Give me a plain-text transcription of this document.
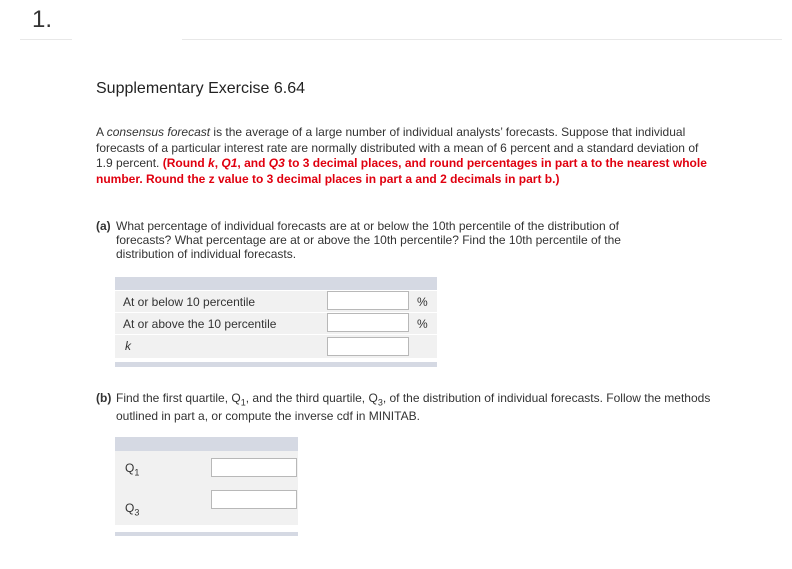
1.
Supplementary Exercise 6.64
A consensus forecast is the average of a large number of individual analysts’ forecasts. Suppose that individual forecasts of a particular interest rate are normally distributed with a mean of 6 percent and a standard deviation of 1.9 percent. (Round k, Q1, and Q3 to 3 decimal places, and round percentages in part a to the nearest whole number. Round the z value to 3 decimal places in part a and 2 decimals in part b.)
(a) What percentage of individual forecasts are at or below the 10th percentile of the distribution of forecasts? What percentage are at or above the 10th percentile? Find the 10th percentile of the distribution of individual forecasts.
At or below 10 percentile	%
At or above the 10 percentile	%
k
(b) Find the first quartile, $Q_1$, and the third quartile, $Q_3$, of the distribution of individual forecasts. Follow the methods outlined in part a, or compute the inverse cdf in MINITAB.
$Q_1$
$Q_3$
